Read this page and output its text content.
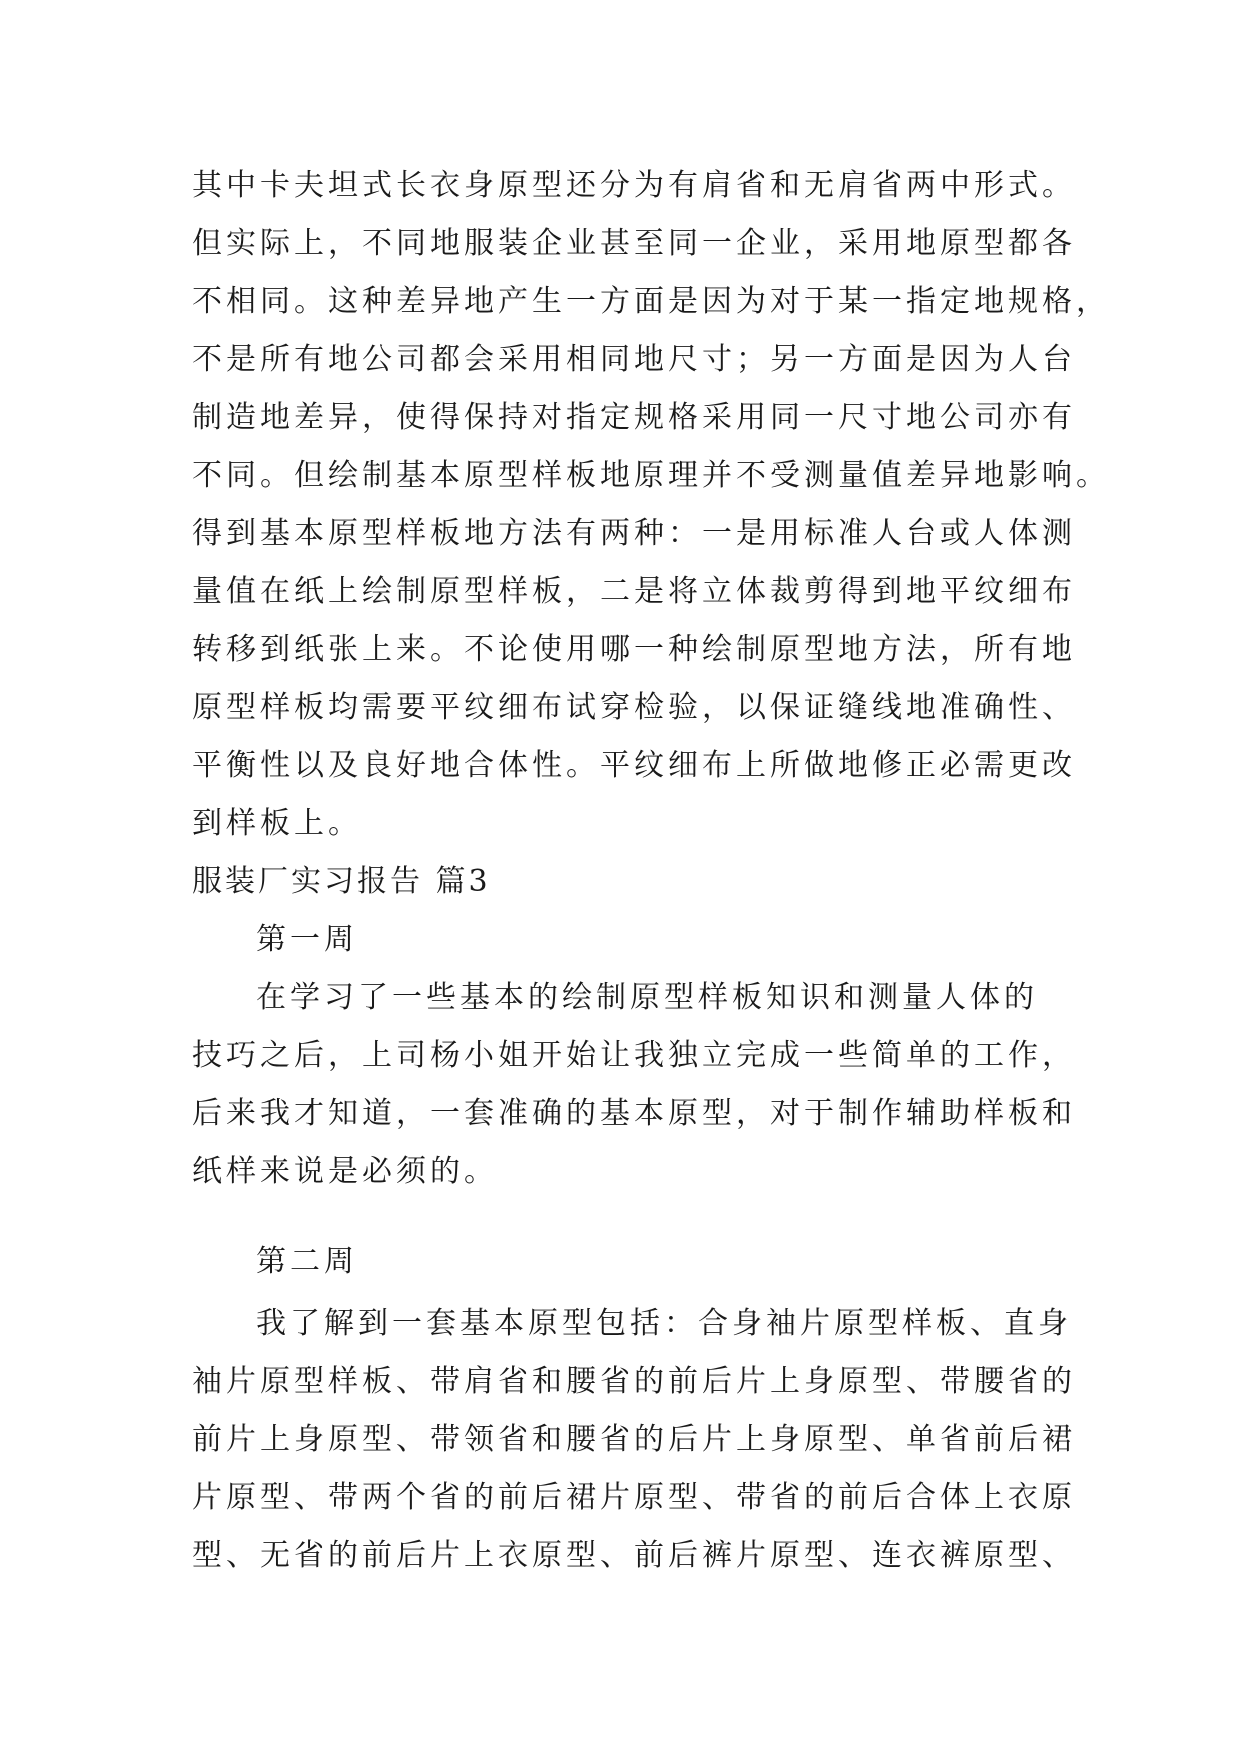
其中卡夫坦式长衣身原型还分为有肩省和无肩省两中形式。
但实际上，不同地服装企业甚至同一企业，采用地原型都各
不相同。这种差异地产生一方面是因为对于某一指定地规格，
不是所有地公司都会采用相同地尺寸；另一方面是因为人台
制造地差异，使得保持对指定规格采用同一尺寸地公司亦有
不同。但绘制基本原型样板地原理并不受测量值差异地影响。
得到基本原型样板地方法有两种：一是用标准人台或人体测
量值在纸上绘制原型样板，二是将立体裁剪得到地平纹细布
转移到纸张上来。不论使用哪一种绘制原型地方法，所有地
原型样板均需要平纹细布试穿检验，以保证缝线地准确性、
平衡性以及良好地合体性。平纹细布上所做地修正必需更改
到样板上。
服装厂实习报告 篇3
第一周
在学习了一些基本的绘制原型样板知识和测量人体的
技巧之后，上司杨小姐开始让我独立完成一些简单的工作，
后来我才知道，一套准确的基本原型，对于制作辅助样板和
纸样来说是必须的。
第二周
我了解到一套基本原型包括：合身袖片原型样板、直身
袖片原型样板、带肩省和腰省的前后片上身原型、带腰省的
前片上身原型、带领省和腰省的后片上身原型、单省前后裙
片原型、带两个省的前后裙片原型、带省的前后合体上衣原
型、无省的前后片上衣原型、前后裤片原型、连衣裤原型、
